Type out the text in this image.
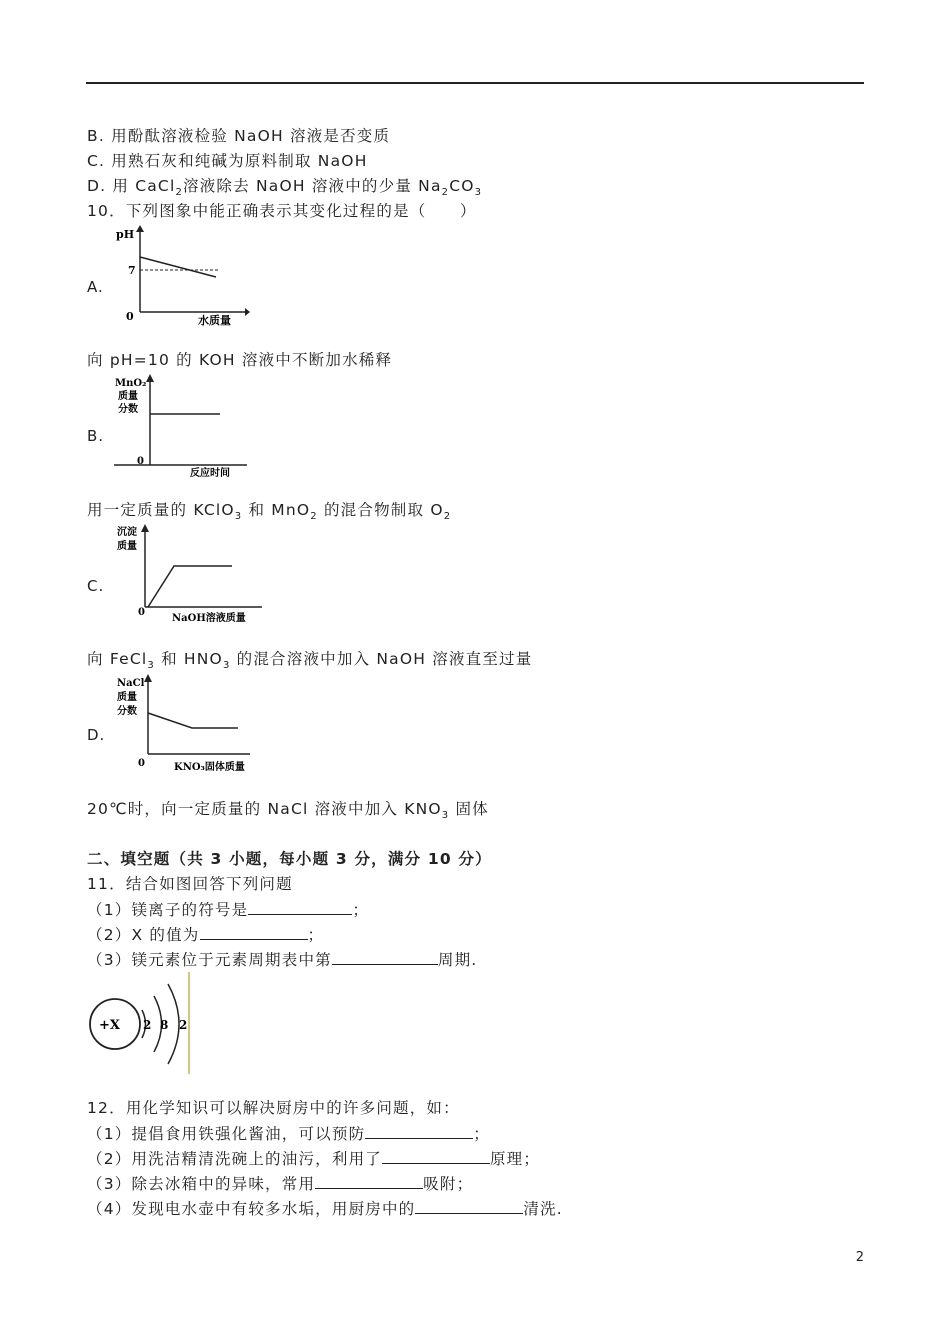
B. 用酚酞溶液检验 NaOH 溶液是否变质
C. 用熟石灰和纯碱为原料制取 NaOH
D. 用 CaCl$_2$溶液除去 NaOH 溶液中的少量 $Na_2CO_3$
10．下列图象中能正确表示其变化过程的是（　　）
A.
pH
7
0	水质量
向 pH=10 的 KOH 溶液中不断加水稀释
B.
MnO₂
质量
分数
0
反应时间
用一定质量的 KClO$_3$ 和 MnO$_2$ 的混合物制取 $O_2$
C.
沉淀
质量
0
NaOH溶液质量
向 FeCl$_3$ 和 $HNO_3$ 的混合溶液中加入 NaOH 溶液直至过量
D.
NaCl
质量
分数
0	KNO₃固体质量
20℃时，向一定质量的 NaCl 溶液中加入 $KNO_3$ 固体
二、填空题（共 3 小题，每小题 3 分，满分 10 分）
11．结合如图回答下列问题
（1）镁离子的符号是	；
（2）X 的值为	；
（3）镁元素位于元素周期表中第	周期.
+X 2 8 2
12．用化学知识可以解决厨房中的许多问题，如：
（1）提倡食用铁强化酱油，可以预防	；
（2）用洗洁精清洗碗上的油污，利用了	原理；
（3）除去冰箱中的异味，常用	吸附；
（4）发现电水壶中有较多水垢，用厨房中的	清洗.
2
